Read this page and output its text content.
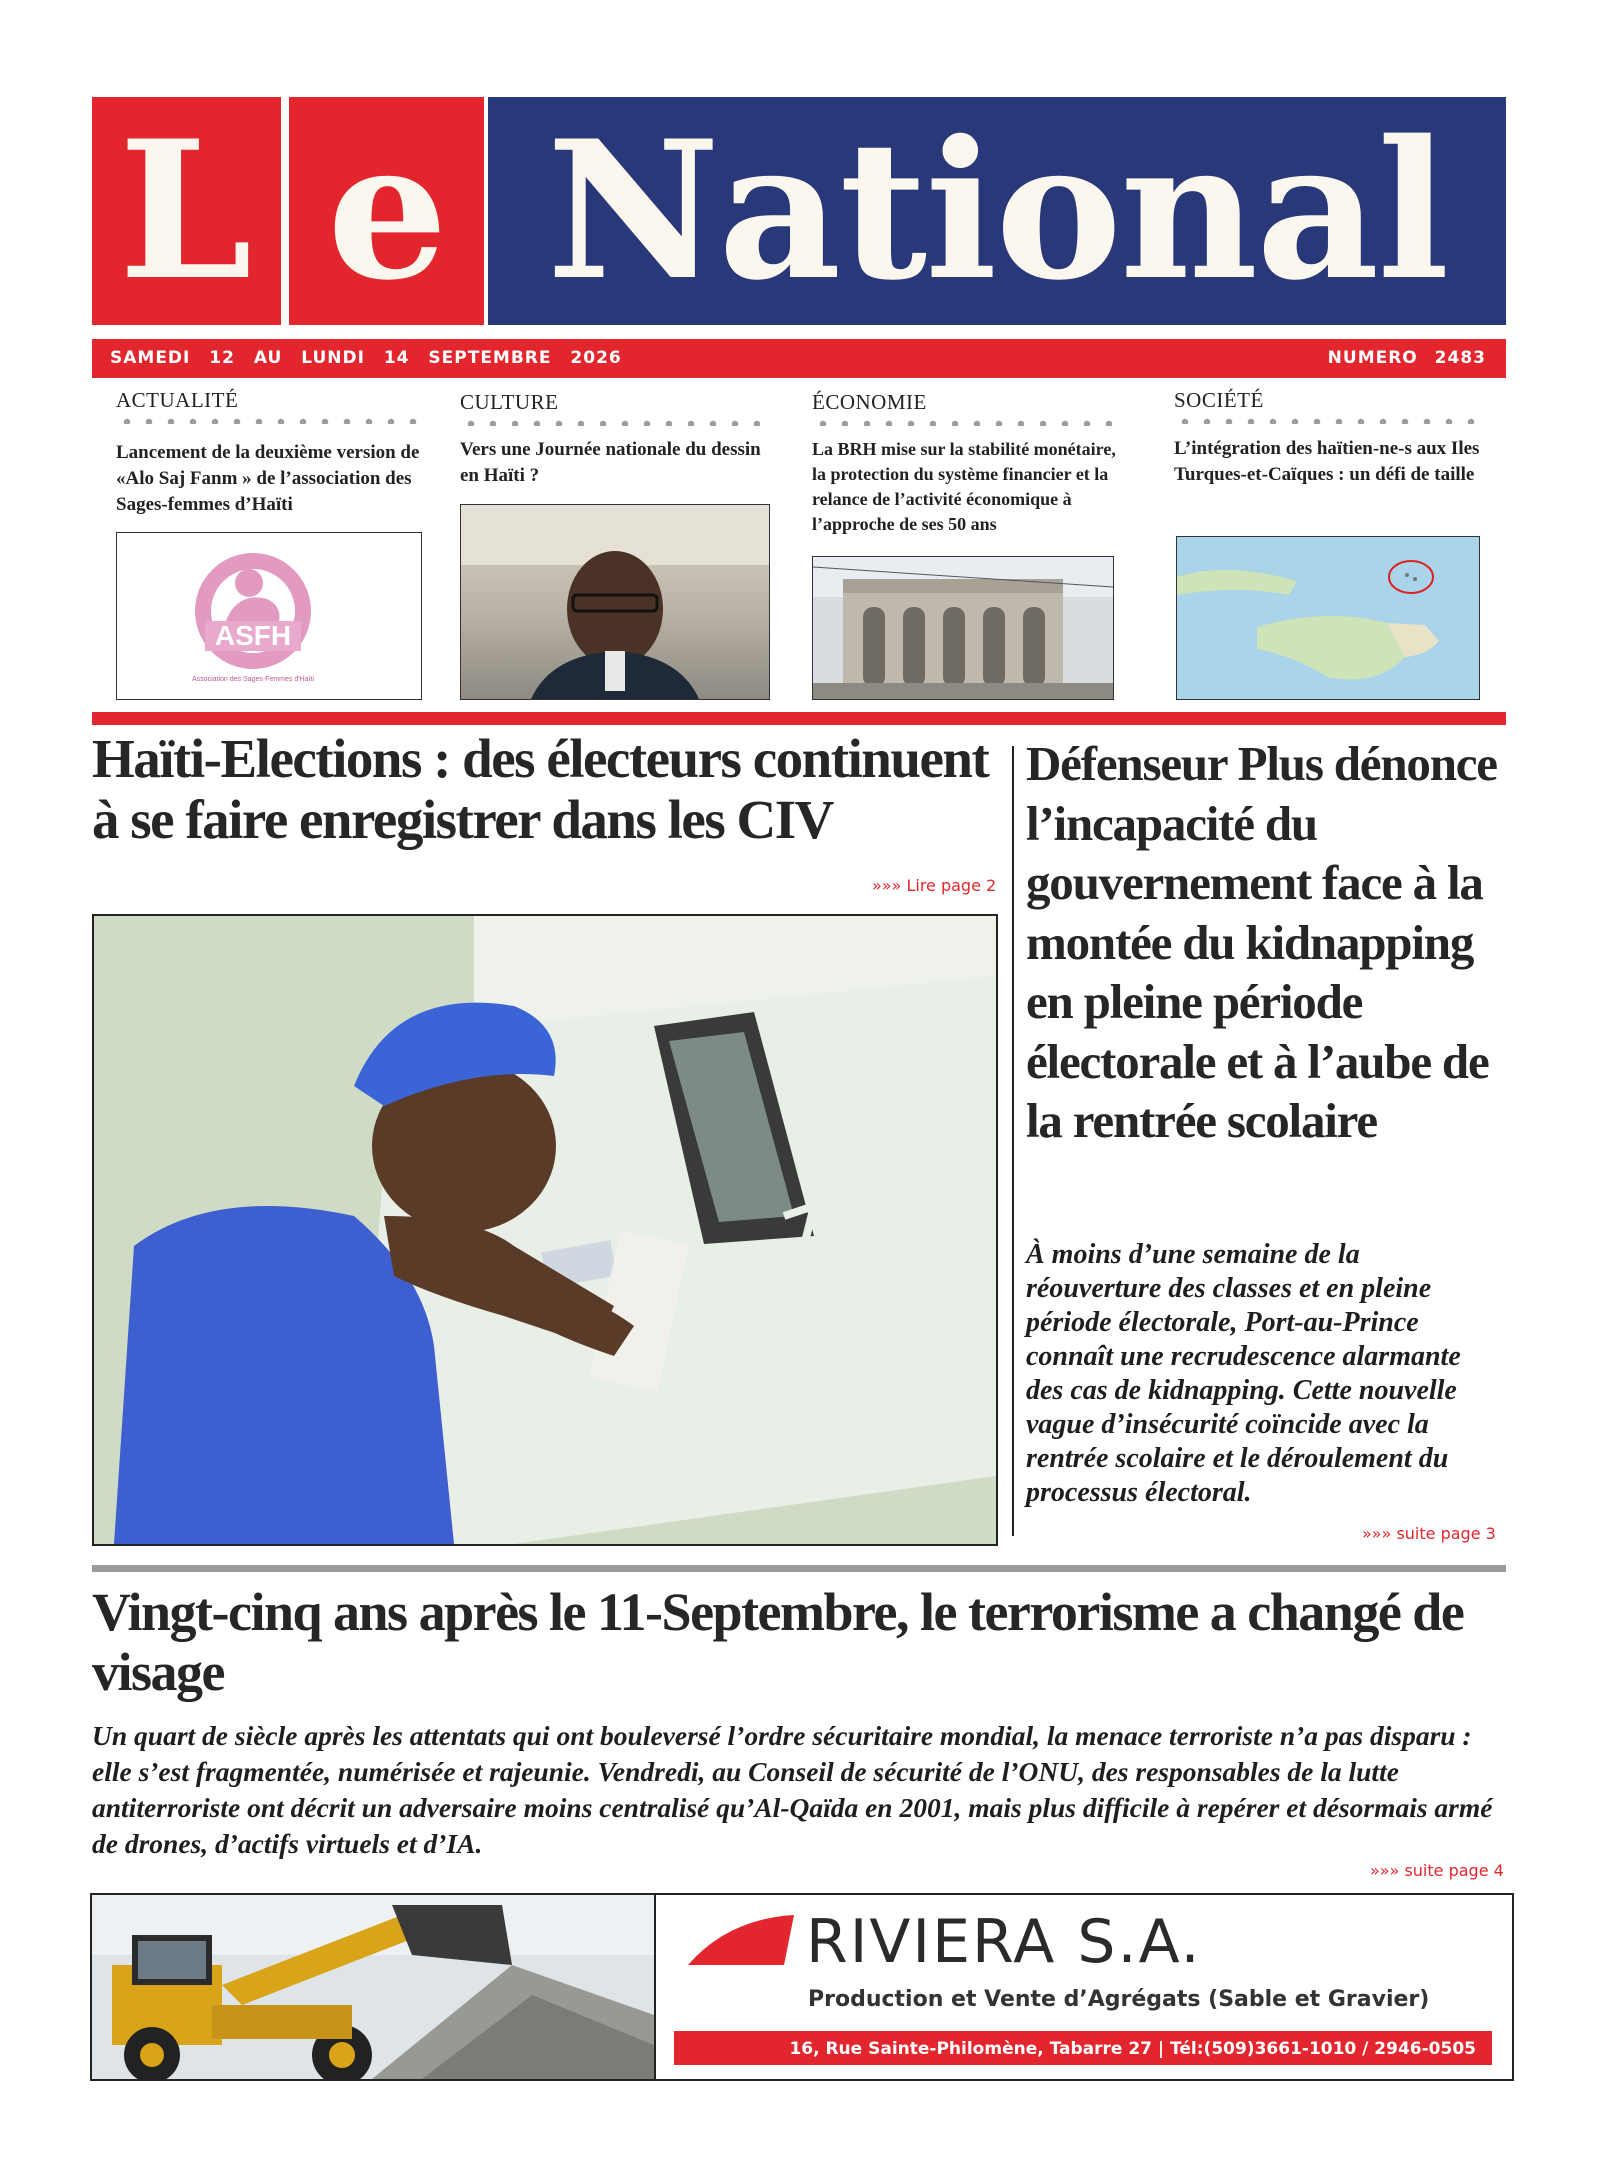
L e National
SAMEDI 12 AU LUNDI 14 SEPTEMBRE 2026	NUMERO 2483
ACTUALITÉ
Lancement de la deuxième version de «Alo Saj Fanm » de l’association des Sages-femmes d’Haïti
ASFH
Association des Sages-Femmes d'Haïti
CULTURE
Vers une Journée nationale du dessin en Haïti ?
ÉCONOMIE
La BRH mise sur la stabilité monétaire, la protection du système financier et la relance de l’activité économique à l’approche de ses 50 ans
SOCIÉTÉ
L’intégration des haïtien-ne-s aux Iles Turques-et-Caïques : un défi de taille
Haïti-Elections : des électeurs continuent à se faire enregistrer dans les CIV
»»» Lire page 2
Défenseur Plus dénonce l’incapacité du gouvernement face à la montée du kidnapping en pleine période électorale et à l’aube de la rentrée scolaire
À moins d’une semaine de la réouverture des classes et en pleine période électorale, Port-au-Prince connaît une recrudescence alarmante des cas de kidnapping. Cette nouvelle vague d’insécurité coïncide avec la rentrée scolaire et le déroulement du processus électoral.
»»» suite page 3
Vingt-cinq ans après le 11-Septembre, le terrorisme a changé de visage
Un quart de siècle après les attentats qui ont bouleversé l’ordre sécuritaire mondial, la menace terroriste n’a pas disparu : elle s’est fragmentée, numérisée et rajeunie. Vendredi, au Conseil de sécurité de l’ONU, des responsables de la lutte antiterroriste ont décrit un adversaire moins centralisé qu’Al-Qaïda en 2001, mais plus difficile à repérer et désormais armé de drones, d’actifs virtuels et d’IA.
»»» suite page 4
RIVIERA S.A.
Production et Vente d’Agrégats (Sable et Gravier)
16, Rue Sainte-Philomène, Tabarre 27 | Tél:(509)3661-1010 / 2946-0505
